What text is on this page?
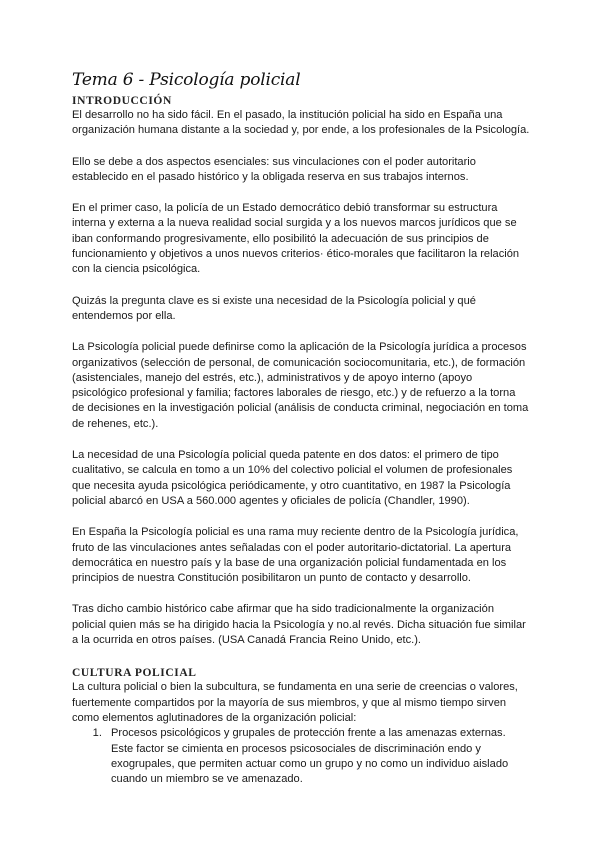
Tema 6 - Psicología policial
INTRODUCCIÓN

El desarrollo no ha sido fácil. En el pasado, la institución policial ha sido en España una organización humana distante a la sociedad y, por ende, a los profesionales de la Psicología.

Ello se debe a dos aspectos esenciales: sus vinculaciones con el poder autoritario establecido en el pasado histórico y la obligada reserva en sus trabajos internos.

En el primer caso, la policía de un Estado democrático debió transformar su estructura interna y externa a la nueva realidad social surgida y a los nuevos marcos jurídicos que se iban conformando progresivamente, ello posibilitó la adecuación de sus principios de funcionamiento y objetivos a unos nuevos criterios· ético-morales que facilitaron la relación con la ciencia psicológica.

Quizás la pregunta clave es si existe una necesidad de la Psicología policial y qué entendemos por ella.

La Psicología policial puede definirse como la aplicación de la Psicología jurídica a procesos organizativos (selección de personal, de comunicación sociocomunitaria, etc.), de formación (asistenciales, manejo del estrés, etc.), administrativos y de apoyo interno (apoyo psicológico profesional y familia; factores laborales de riesgo, etc.) y de refuerzo a la torna de decisiones en la investigación policial (análisis de conducta criminal, negociación en toma de rehenes, etc.).

La necesidad de una Psicología policial queda patente en dos datos: el primero de tipo cualitativo, se calcula en tomo a un 10% del colectivo policial el volumen de profesionales que necesita ayuda psicológica periódicamente, y otro cuantitativo, en 1987 la Psicología policial abarcó en USA a 560.000 agentes y oficiales de policía (Chandler, 1990).

En España la Psicología policial es una rama muy reciente dentro de la Psicología jurídica, fruto de las vinculaciones antes señaladas con el poder autoritario-dictatorial. La apertura democrática en nuestro país y la base de una organización policial fundamentada en los principios de nuestra Constitución posibilitaron un punto de contacto y desarrollo.

Tras dicho cambio histórico cabe afirmar que ha sido tradicionalmente la organización policial quien más se ha dirigido hacia la Psicología y no.al revés. Dicha situación fue similar a la ocurrida en otros países. (USA Canadá Francia Reino Unido, etc.).

CULTURA POLICIAL

La cultura policial o bien la subcultura, se fundamenta en una serie de creencias o valores, fuertemente compartidos por la mayoría de sus miembros, y que al mismo tiempo sirven como elementos aglutinadores de la organización policial:

1. Procesos psicológicos y grupales de protección frente a las amenazas externas. Este factor se cimienta en procesos psicosociales de discriminación endo y exogrupales, que permiten actuar como un grupo y no como un individuo aislado cuando un miembro se ve amenazado.
